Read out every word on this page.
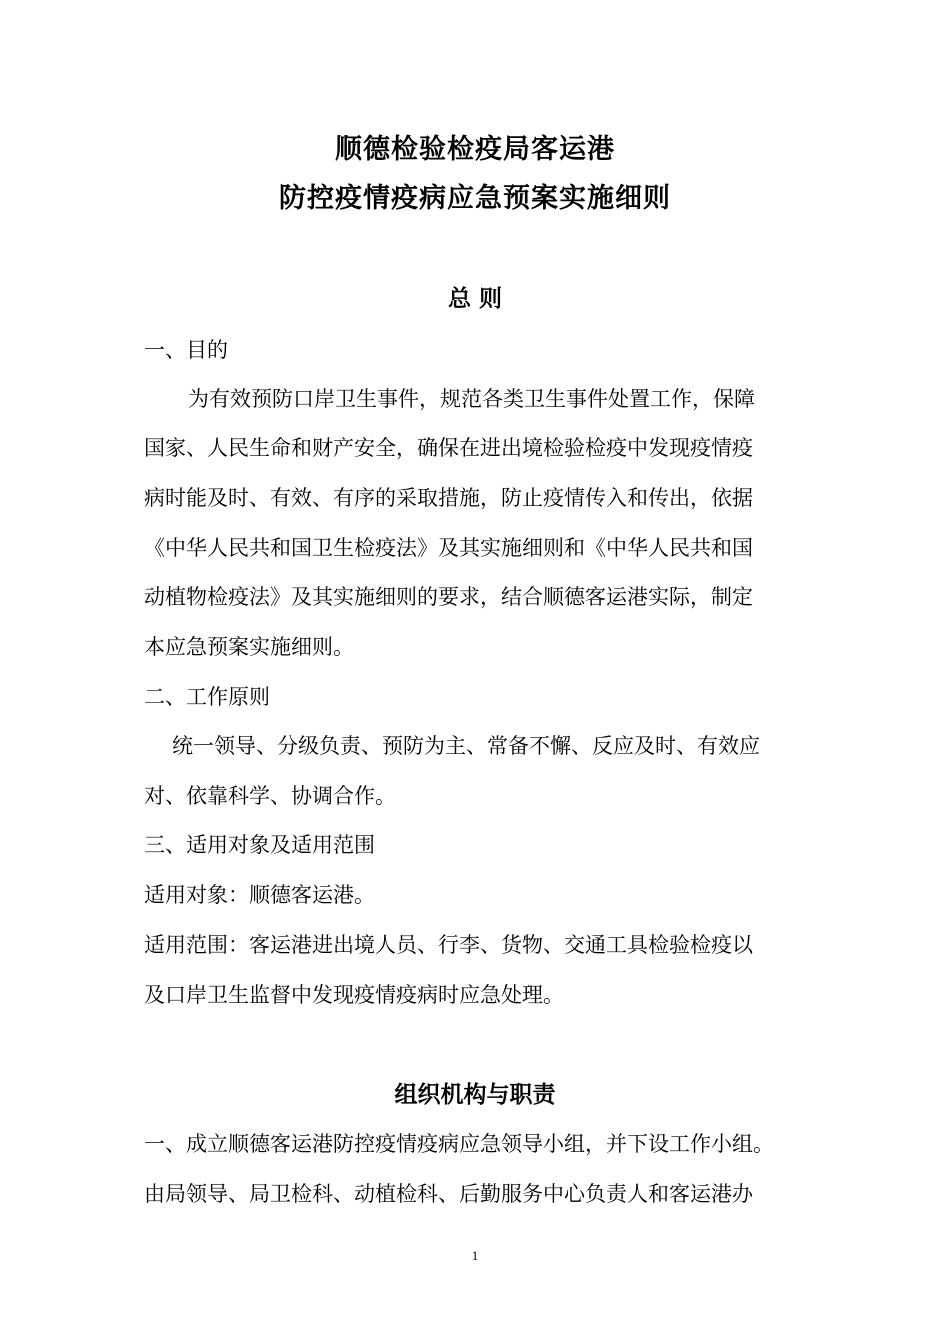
顺德检验检疫局客运港
防控疫情疫病应急预案实施细则
总 则
一、目的
为有效预防口岸卫生事件，规范各类卫生事件处置工作，保障
国家、人民生命和财产安全，确保在进出境检验检疫中发现疫情疫
病时能及时、有效、有序的采取措施，防止疫情传入和传出，依据
《中华人民共和国卫生检疫法》及其实施细则和《中华人民共和国
动植物检疫法》及其实施细则的要求，结合顺德客运港实际，制定
本应急预案实施细则。
二、工作原则
统一领导、分级负责、预防为主、常备不懈、反应及时、有效应
对、依靠科学、协调合作。
三、适用对象及适用范围
适用对象：顺德客运港。
适用范围：客运港进出境人员、行李、货物、交通工具检验检疫以
及口岸卫生监督中发现疫情疫病时应急处理。
组织机构与职责
一、成立顺德客运港防控疫情疫病应急领导小组，并下设工作小组。
由局领导、局卫检科、动植检科、后勤服务中心负责人和客运港办
1
